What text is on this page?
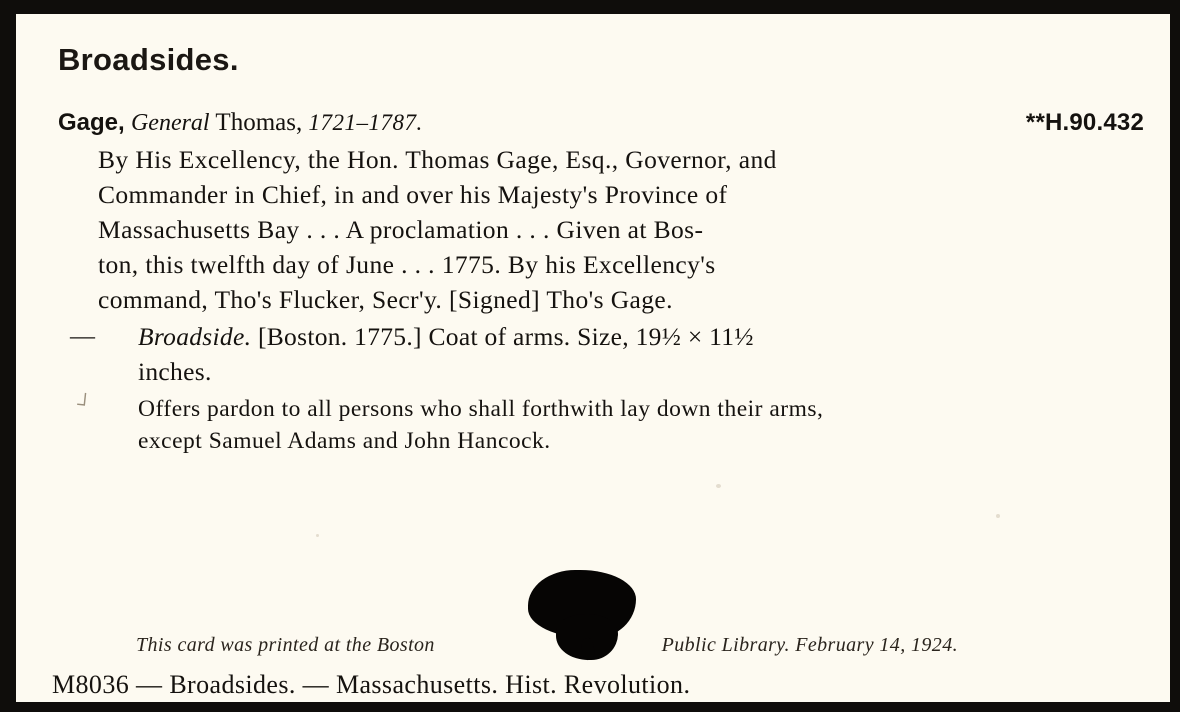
Broadsides.
Gage, General Thomas, 1721–1787.	**H.90.432
By His Excellency, the Hon. Thomas Gage, Esq., Governor, and
Commander in Chief, in and over his Majesty's Province of
Massachusetts Bay . . . A proclamation . . . Given at Bos-
ton, this twelfth day of June . . . 1775. By his Excellency's
command, Tho's Flucker, Secr'y. [Signed] Tho's Gage.
— Broadside. [Boston. 1775.] Coat of arms. Size, 19½ × 11½
inches.
Offers pardon to all persons who shall forthwith lay down their arms,
except Samuel Adams and John Hancock.
┘
This card was printed at the Boston	Public Library. February 14, 1924.
M8036 — Broadsides. — Massachusetts. Hist. Revolution.
